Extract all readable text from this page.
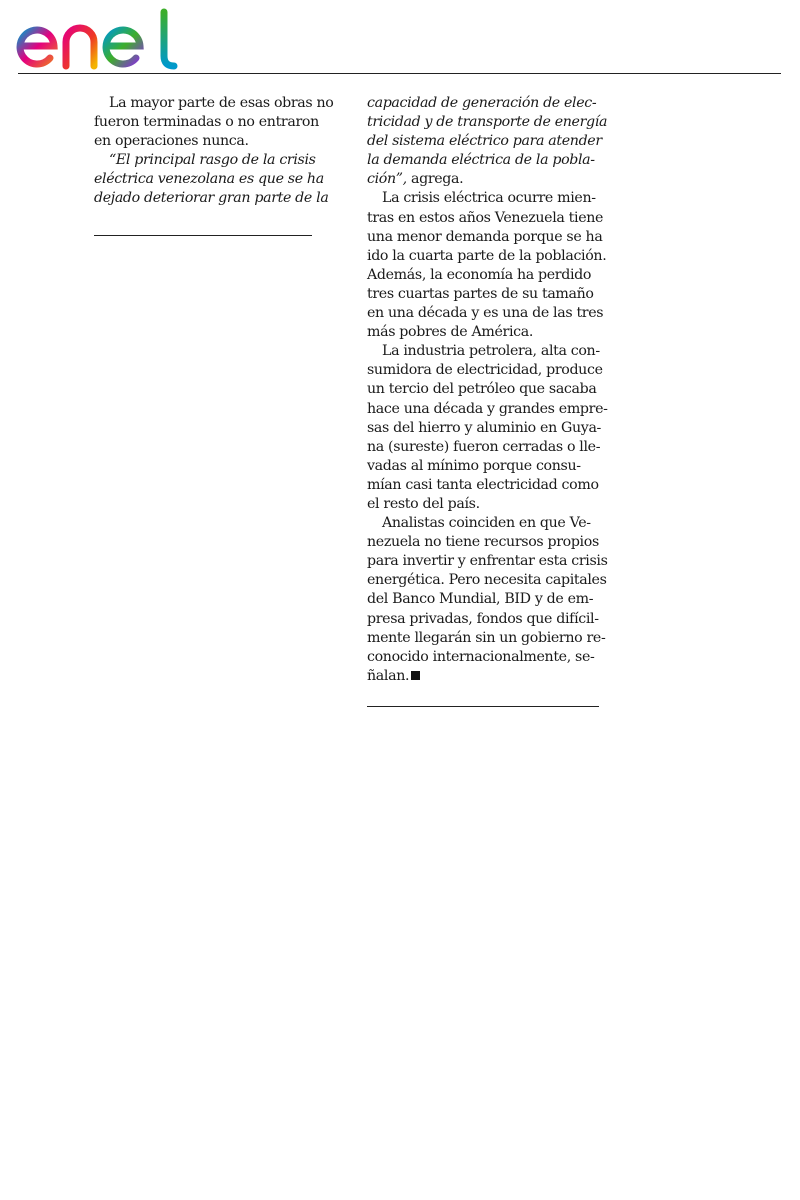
La mayor parte de esas obras no
fueron terminadas o no entraron
en operaciones nunca.
“El principal rasgo de la crisis
eléctrica venezolana es que se ha
dejado deteriorar gran parte de la
capacidad de generación de elec-
tricidad y de transporte de energía
del sistema eléctrico para atender
la demanda eléctrica de la pobla-
ción”, agrega.
La crisis eléctrica ocurre mien-
tras en estos años Venezuela tiene
una menor demanda porque se ha
ido la cuarta parte de la población.
Además, la economía ha perdido
tres cuartas partes de su tamaño
en una década y es una de las tres
más pobres de América.
La industria petrolera, alta con-
sumidora de electricidad, produce
un tercio del petróleo que sacaba
hace una década y grandes empre-
sas del hierro y aluminio en Guya-
na (sureste) fueron cerradas o lle-
vadas al mínimo porque consu-
mían casi tanta electricidad como
el resto del país.
Analistas coinciden en que Ve-
nezuela no tiene recursos propios
para invertir y enfrentar esta crisis
energética. Pero necesita capitales
del Banco Mundial, BID y de em-
presa privadas, fondos que difícil-
mente llegarán sin un gobierno re-
conocido internacionalmente, se-
ñalan.
